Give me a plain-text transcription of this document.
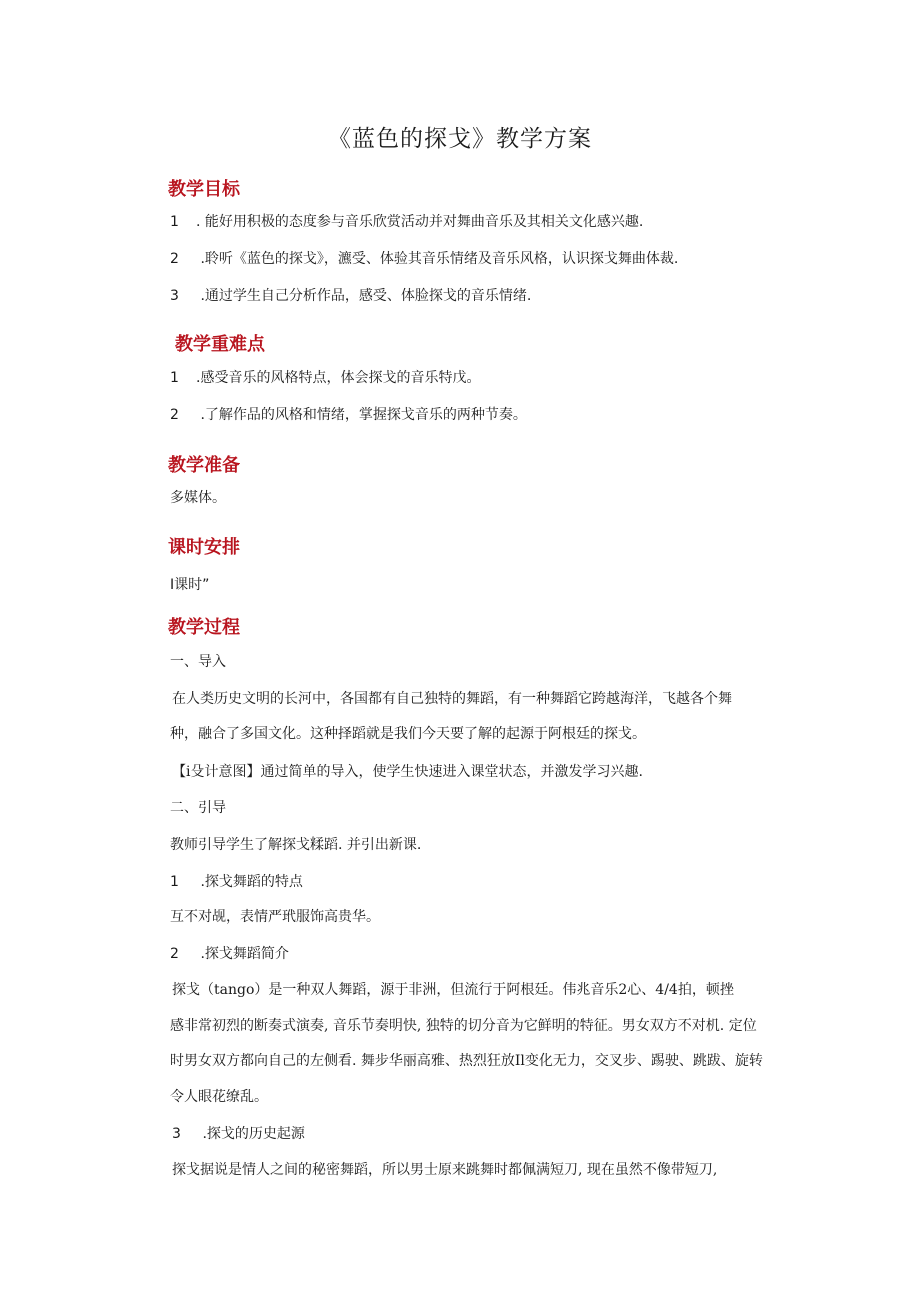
《蓝色的探戈》教学方案
教学目标
1 . 能好用积极的态度参与音乐欣赏活动并对舞曲音乐及其相关文化感兴趣.
2 .聆听《蓝色的探戈》，瀌受、体验其音乐情绪及音乐风格，认识探戈舞曲体裁.
3 .通过学生自己分析作品，感受、体脸探戈的音乐情绪.
教学重难点
1 .感受音乐的风格特点，体会探戈的音乐特戊。
2 .了解作品的风格和情绪，掌握探戈音乐的两种节奏。
教学准备
多媒体。
课时安排
I课时”
教学过程
一、导入
在人类历史文明的长河中，各国都有自己独特的舞蹈，有一种舞蹈它跨越海洋，飞越各个舞
种，融合了多国文化。这种择蹈就是我们今天要了解的起源于阿根廷的探戈。
【i殳计意图】通过简单的导入，使学生快速进入课堂状态，并激发学习兴趣.
二、引导
教师引导学生了解探戈糅蹈. 并引出新课.
1 .探戈舞蹈的特点
互不对觇，表情严玳服饰高贵华。
2 .探戈舞蹈简介
探戈（tango）是一种双人舞蹈，源于非洲，但流行于阿根廷。伟兆音乐2心、4/4拍，顿挫
感非常初烈的断奏式演奏, 音乐节奏明快, 独特的切分音为它鲜明的特征。男女双方不对机. 定位
时男女双方都向自己的左侧看. 舞步华丽高雅、热烈狂放Il变化无力，交叉步、踢驶、跳跋、旋转
令人眼花缭乱。
3 .探戈的历史起源
探戈据说是情人之间的秘密舞蹈，所以男士原来跳舞时都佩满短刀, 现在虽然不像带短刀,
